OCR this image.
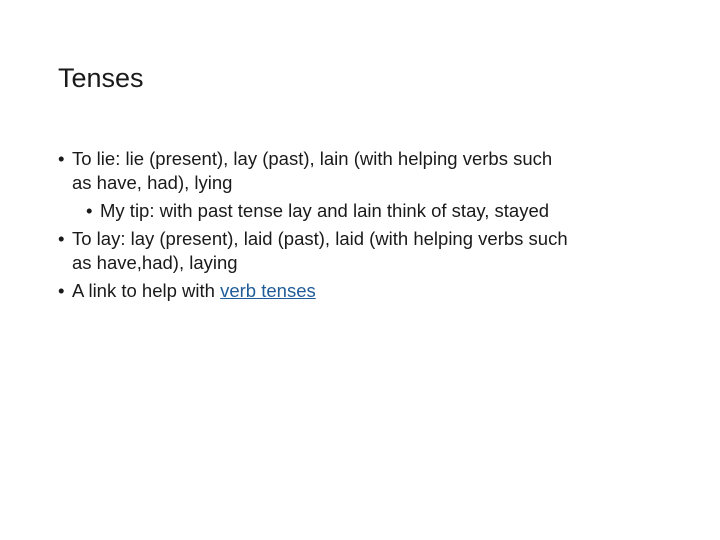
Tenses
• To lie: lie (present), lay (past), lain (with helping verbs such
as have, had), lying
• My tip: with past tense lay and lain think of stay, stayed
• To lay: lay (present), laid (past), laid (with helping verbs such
as have,had), laying
• A link to help with verb tenses
